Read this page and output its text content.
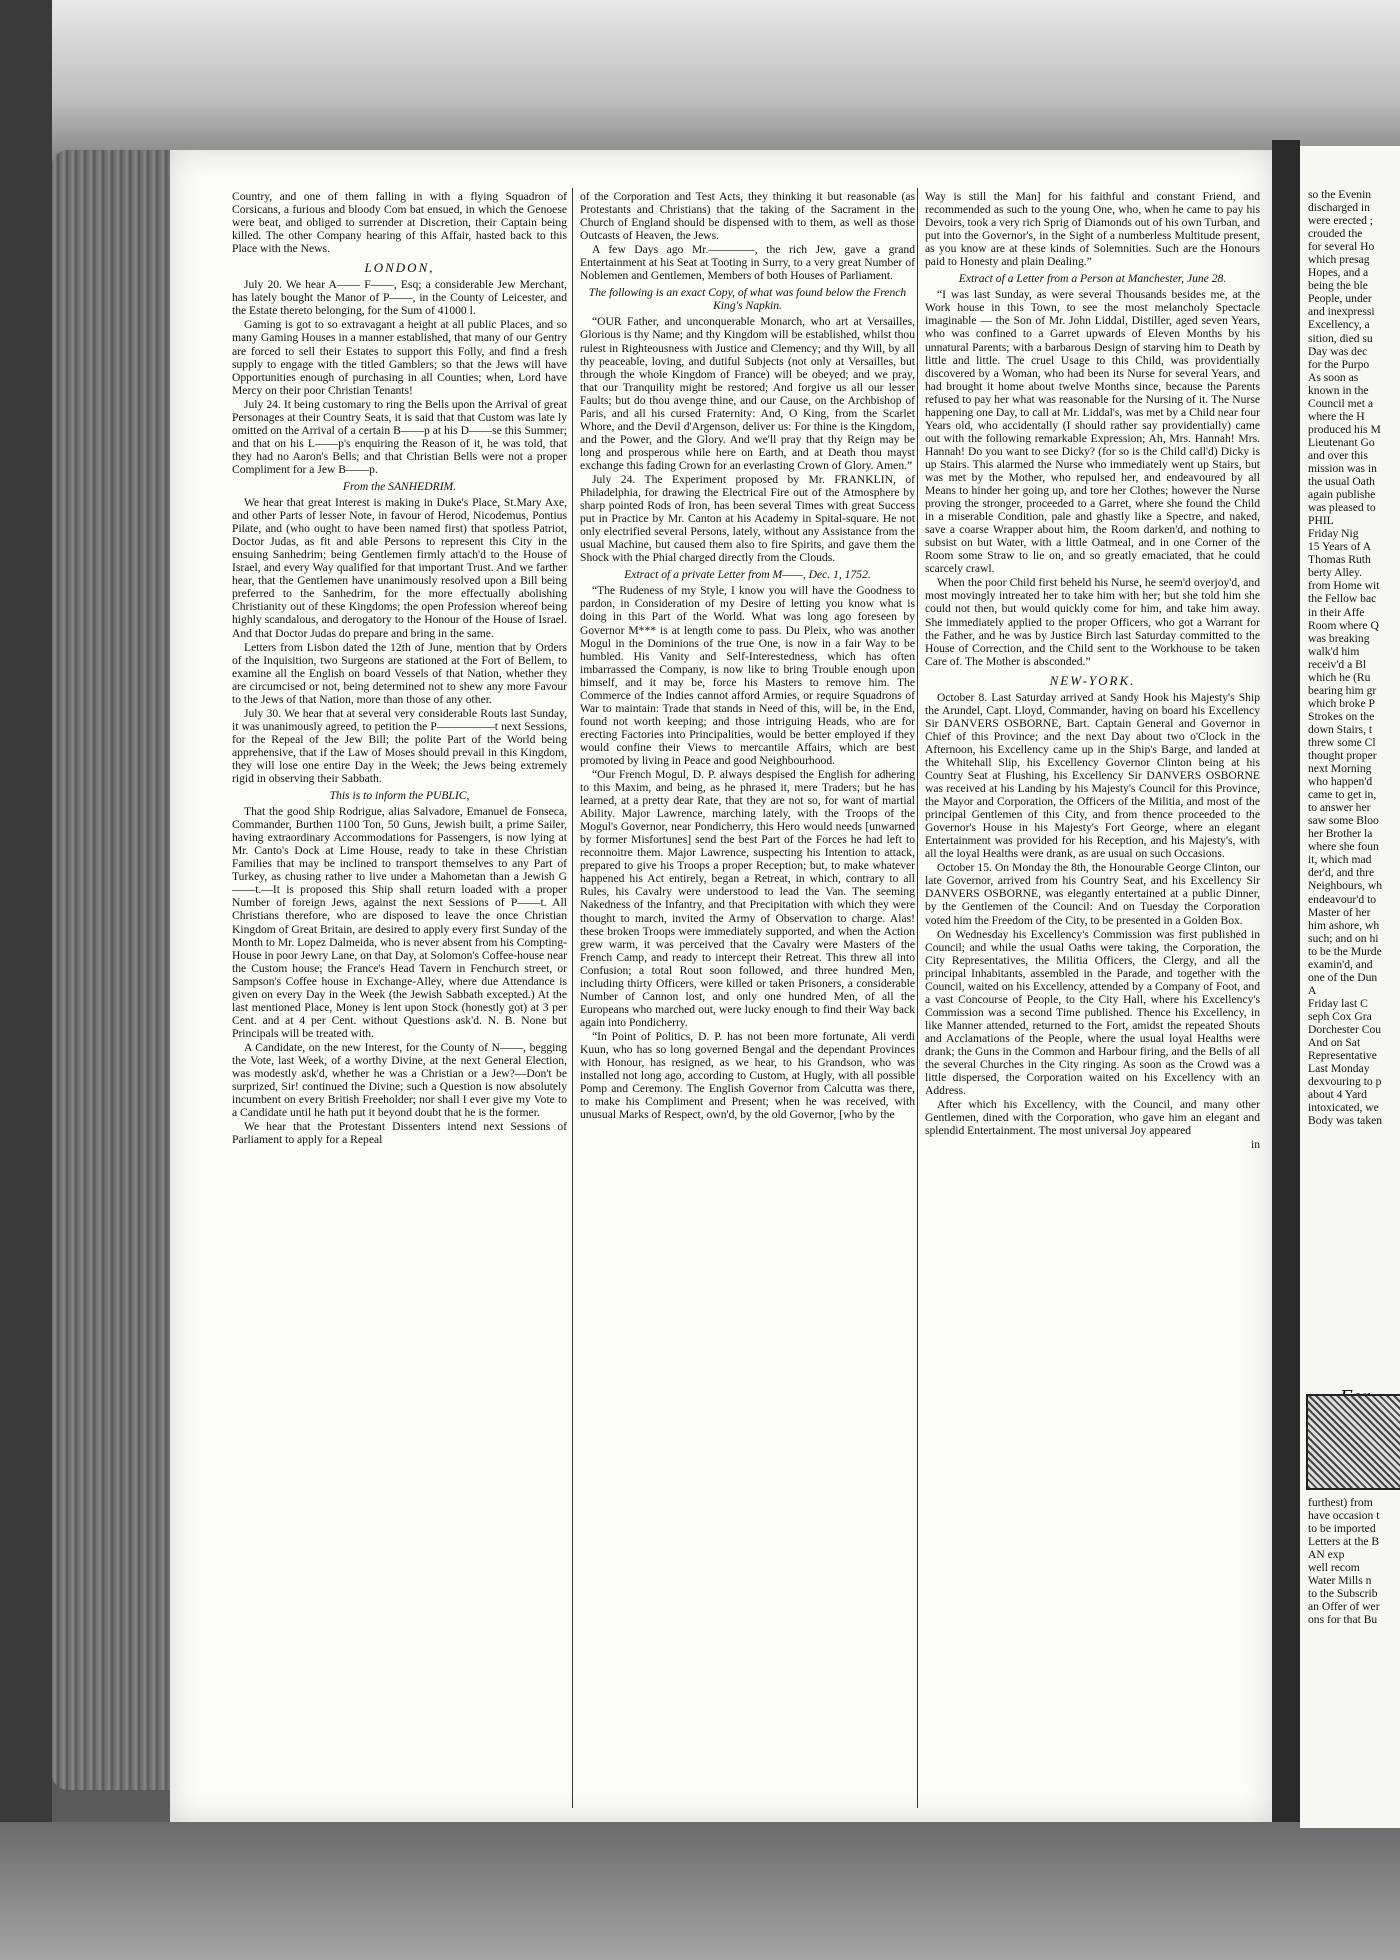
Country, and one of them falling in with a flying Squadron of Corsicans, a furious and bloody Com bat ensued, in which the Genoese were beat, and obliged to surrender at Discretion, their Captain being killed. The other Company hearing of this Affair, hasted back to this Place with the News.

LONDON,

July 20. We hear A—— F——, Esq; a considerable Jew Merchant, has lately bought the Manor of P——, in the County of Leicester, and the Estate thereto belonging, for the Sum of 41000 l.

Gaming is got to so extravagant a height at all public Places, and so many Gaming Houses in a manner established, that many of our Gentry are forced to sell their Estates to support this Folly, and find a fresh supply to engage with the titled Gamblers; so that the Jews will have Opportunities enough of purchasing in all Counties; when, Lord have Mercy on their poor Christian Tenants!

July 24. It being customary to ring the Bells upon the Arrival of great Personages at their Country Seats, it is said that that Custom was late ly omitted on the Arrival of a certain B——p at his D——se this Summer; and that on his L——p's enquiring the Reason of it, he was told, that they had no Aaron's Bells; and that Christian Bells were not a proper Compliment for a Jew B——p.

From the SANHEDRIM.

We hear that great Interest is making in Duke's Place, St.Mary Axe, and other Parts of lesser Note, in favour of Herod, Nicodemus, Pontius Pilate, and (who ought to have been named first) that spotless Patriot, Doctor Judas, as fit and able Persons to represent this City in the ensuing Sanhedrim; being Gentlemen firmly attach'd to the House of Israel, and every Way qualified for that important Trust. And we farther hear, that the Gentlemen have unanimously resolved upon a Bill being preferred to the Sanhedrim, for the more effectually abolishing Christianity out of these Kingdoms; the open Profession whereof being highly scandalous, and derogatory to the Honour of the House of Israel. And that Doctor Judas do prepare and bring in the same.

Letters from Lisbon dated the 12th of June, mention that by Orders of the Inquisition, two Surgeons are stationed at the Fort of Bellem, to examine all the English on board Vessels of that Nation, whether they are circumcised or not, being determined not to shew any more Favour to the Jews of that Nation, more than those of any other.

July 30. We hear that at several very considerable Routs last Sunday, it was unanimously agreed, to petition the P—————t next Sessions, for the Repeal of the Jew Bill; the polite Part of the World being apprehensive, that if the Law of Moses should prevail in this Kingdom, they will lose one entire Day in the Week; the Jews being extremely rigid in observing their Sabbath.

This is to inform the PUBLIC,

That the good Ship Rodrigue, alias Salvadore, Emanuel de Fonseca, Commander, Burthen 1100 Ton, 50 Guns, Jewish built, a prime Sailer, having extraordinary Accommodations for Passengers, is now lying at Mr. Canto's Dock at Lime House, ready to take in these Christian Families that may be inclined to transport themselves to any Part of Turkey, as chusing rather to live under a Mahometan than a Jewish G——t.—It is proposed this Ship shall return loaded with a proper Number of foreign Jews, against the next Sessions of P——t. All Christians therefore, who are disposed to leave the once Christian Kingdom of Great Britain, are desired to apply every first Sunday of the Month to Mr. Lopez Dalmeida, who is never absent from his Compting-House in poor Jewry Lane, on that Day, at Solomon's Coffee-house near the Custom house; the France's Head Tavern in Fenchurch street, or Sampson's Coffee house in Exchange-Alley, where due Attendance is given on every Day in the Week (the Jewish Sabbath excepted.) At the last mentioned Place, Money is lent upon Stock (honestly got) at 3 per Cent. and at 4 per Cent. without Questions ask'd. N. B. None but Principals will be treated with.

A Candidate, on the new Interest, for the County of N——, begging the Vote, last Week, of a worthy Divine, at the next General Election, was modestly ask'd, whether he was a Christian or a Jew?—Don't be surprized, Sir! continued the Divine; such a Question is now absolutely incumbent on every British Freeholder; nor shall I ever give my Vote to a Candidate until he hath put it beyond doubt that he is the former.

We hear that the Protestant Dissenters intend next Sessions of Parliament to apply for a Repeal

of the Corporation and Test Acts, they thinking it but reasonable (as Protestants and Christians) that the taking of the Sacrament in the Church of England should be dispensed with to them, as well as those Outcasts of Heaven, the Jews.

A few Days ago Mr.————, the rich Jew, gave a grand Entertainment at his Seat at Tooting in Surry, to a very great Number of Noblemen and Gentlemen, Members of both Houses of Parliament.

The following is an exact Copy, of what was found below the French King's Napkin.

“OUR Father, and unconquerable Monarch, who art at Versailles, Glorious is thy Name; and thy Kingdom will be established, whilst thou rulest in Righteousness with Justice and Clemency; and thy Will, by all thy peaceable, loving, and dutiful Subjects (not only at Versailles, but through the whole Kingdom of France) will be obeyed; and we pray, that our Tranquility might be restored; And forgive us all our lesser Faults; but do thou avenge thine, and our Cause, on the Archbishop of Paris, and all his cursed Fraternity: And, O King, from the Scarlet Whore, and the Devil d'Argenson, deliver us: For thine is the Kingdom, and the Power, and the Glory. And we'll pray that thy Reign may be long and prosperous while here on Earth, and at Death thou mayst exchange this fading Crown for an everlasting Crown of Glory. Amen.”

July 24. The Experiment proposed by Mr. FRANKLIN, of Philadelphia, for drawing the Electrical Fire out of the Atmosphere by sharp pointed Rods of Iron, has been several Times with great Success put in Practice by Mr. Canton at his Academy in Spital-square. He not only electrified several Persons, lately, without any Assistance from the usual Machine, but caused them also to fire Spirits, and gave them the Shock with the Phial charged directly from the Clouds.

Extract of a private Letter from M——, Dec. 1, 1752.

“The Rudeness of my Style, I know you will have the Goodness to pardon, in Consideration of my Desire of letting you know what is doing in this Part of the World. What was long ago foreseen by Governor M*** is at length come to pass. Du Pleix, who was another Mogul in the Dominions of the true One, is now in a fair Way to be humbled. His Vanity and Self-Interestedness, which has often imbarrassed the Company, is now like to bring Trouble enough upon himself, and it may be, force his Masters to remove him. The Commerce of the Indies cannot afford Armies, or require Squadrons of War to maintain: Trade that stands in Need of this, will be, in the End, found not worth keeping; and those intriguing Heads, who are for erecting Factories into Principalities, would be better employed if they would confine their Views to mercantile Affairs, which are best promoted by living in Peace and good Neighbourhood.

“Our French Mogul, D. P. always despised the English for adhering to this Maxim, and being, as he phrased it, mere Traders; but he has learned, at a pretty dear Rate, that they are not so, for want of martial Ability. Major Lawrence, marching lately, with the Troops of the Mogul's Governor, near Pondicherry, this Hero would needs [unwarned by former Misfortunes] send the best Part of the Forces he had left to reconnoitre them. Major Lawrence, suspecting his Intention to attack, prepared to give his Troops a proper Reception; but, to make whatever happened his Act entirely, began a Retreat, in which, contrary to all Rules, his Cavalry were understood to lead the Van. The seeming Nakedness of the Infantry, and that Precipitation with which they were thought to march, invited the Army of Observation to charge. Alas! these broken Troops were immediately supported, and when the Action grew warm, it was perceived that the Cavalry were Masters of the French Camp, and ready to intercept their Retreat. This threw all into Confusion; a total Rout soon followed, and three hundred Men, including thirty Officers, were killed or taken Prisoners, a considerable Number of Cannon lost, and only one hundred Men, of all the Europeans who marched out, were lucky enough to find their Way back again into Pondicherry.

“In Point of Politics, D. P. has not been more fortunate, Ali verdi Kuun, who has so long governed Bengal and the dependant Provinces with Honour, has resigned, as we hear, to his Grandson, who was installed not long ago, according to Custom, at Hugly, with all possible Pomp and Ceremony. The English Governor from Calcutta was there, to make his Compliment and Present; when he was received, with unusual Marks of Respect, own'd, by the old Governor, [who by the

Way is still the Man] for his faithful and constant Friend, and recommended as such to the young One, who, when he came to pay his Devoirs, took a very rich Sprig of Diamonds out of his own Turban, and put into the Governor's, in the Sight of a numberless Multitude present, as you know are at these kinds of Solemnities. Such are the Honours paid to Honesty and plain Dealing.”

Extract of a Letter from a Person at Manchester, June 28.

“I was last Sunday, as were several Thousands besides me, at the Work house in this Town, to see the most melancholy Spectacle imaginable — the Son of Mr. John Liddal, Distiller, aged seven Years, who was confined to a Garret upwards of Eleven Months by his unnatural Parents; with a barbarous Design of starving him to Death by little and little. The cruel Usage to this Child, was providentially discovered by a Woman, who had been its Nurse for several Years, and had brought it home about twelve Months since, because the Parents refused to pay her what was reasonable for the Nursing of it. The Nurse happening one Day, to call at Mr. Liddal's, was met by a Child near four Years old, who accidentally (I should rather say providentially) came out with the following remarkable Expression; Ah, Mrs. Hannah! Mrs. Hannah! Do you want to see Dicky? (for so is the Child call'd) Dicky is up Stairs. This alarmed the Nurse who immediately went up Stairs, but was met by the Mother, who repulsed her, and endeavoured by all Means to hinder her going up, and tore her Clothes; however the Nurse proving the stronger, proceeded to a Garret, where she found the Child in a miserable Condition, pale and ghastly like a Spectre, and naked, save a coarse Wrapper about him, the Room darken'd, and nothing to subsist on but Water, with a little Oatmeal, and in one Corner of the Room some Straw to lie on, and so greatly emaciated, that he could scarcely crawl.

When the poor Child first beheld his Nurse, he seem'd overjoy'd, and most movingly intreated her to take him with her; but she told him she could not then, but would quickly come for him, and take him away. She immediately applied to the proper Officers, who got a Warrant for the Father, and he was by Justice Birch last Saturday committed to the House of Correction, and the Child sent to the Workhouse to be taken Care of. The Mother is absconded.”

NEW-YORK.

October 8. Last Saturday arrived at Sandy Hook his Majesty's Ship the Arundel, Capt. Lloyd, Commander, having on board his Excellency Sir DANVERS OSBORNE, Bart. Captain General and Governor in Chief of this Province; and the next Day about two o'Clock in the Afternoon, his Excellency came up in the Ship's Barge, and landed at the Whitehall Slip, his Excellency Governor Clinton being at his Country Seat at Flushing, his Excellency Sir DANVERS OSBORNE was received at his Landing by his Majesty's Council for this Province, the Mayor and Corporation, the Officers of the Militia, and most of the principal Gentlemen of this City, and from thence proceeded to the Governor's House in his Majesty's Fort George, where an elegant Entertainment was provided for his Reception, and his Majesty's, with all the loyal Healths were drank, as are usual on such Occasions.

October 15. On Monday the 8th, the Honourable George Clinton, our late Governor, arrived from his Country Seat, and his Excellency Sir DANVERS OSBORNE, was elegantly entertained at a public Dinner, by the Gentlemen of the Council: And on Tuesday the Corporation voted him the Freedom of the City, to be presented in a Golden Box.

On Wednesday his Excellency's Commission was first published in Council; and while the usual Oaths were taking, the Corporation, the City Representatives, the Militia Officers, the Clergy, and all the principal Inhabitants, assembled in the Parade, and together with the Council, waited on his Excellency, attended by a Company of Foot, and a vast Concourse of People, to the City Hall, where his Excellency's Commission was a second Time published. Thence his Excellency, in like Manner attended, returned to the Fort, amidst the repeated Shouts and Acclamations of the People, where the usual loyal Healths were drank; the Guns in the Common and Harbour firing, and the Bells of all the several Churches in the City ringing. As soon as the Crowd was a little dispersed, the Corporation waited on his Excellency with an Address.

After which his Excellency, with the Council, and many other Gentlemen, dined with the Corporation, who gave him an elegant and splendid Entertainment. The most universal Joy appeared

in
so the Evenin
discharged in
were erected ;
crouded the
for several Ho
which presag
Hopes, and a
being the ble
People, under
and inexpressi
Excellency, a
sition, died su
Day was dec
for the Purpo
As soon as
known in the
Council met a
where the H
produced his M
Lieutenant Go
and over this
mission was in
the usual Oath
again publishe
was pleased to
PHIL
Friday Nig
15 Years of A
Thomas Ruth
berty Alley.
from Home wit
the Fellow bac
in their Affe
Room where Q
was breaking
walk'd him
receiv'd a Bl
which he (Ru
bearing him gr
which broke P
Strokes on the
down Stairs, t
threw some Cl
thought proper
next Morning
who happen'd
came to get in,
to answer her
saw some Bloo
her Brother la
where she foun
it, which mad
der'd, and thre
Neighbours, wh
endeavour'd to
Master of her
him ashore, wh
such; and on hi
to be the Murde
examin'd, and
one of the Dun
A
Friday last C
seph Cox Gra
Dorchester Cou
And on Sat
Representative
Last Monday
dexvouring to p
about 4 Yard
intoxicated, we
Body was taken
furthest) from
have occasion t
to be imported
Letters at the B
AN exp
well recom
Water Mills n
to the Subscrib
an Offer of wer
ons for that Bu
